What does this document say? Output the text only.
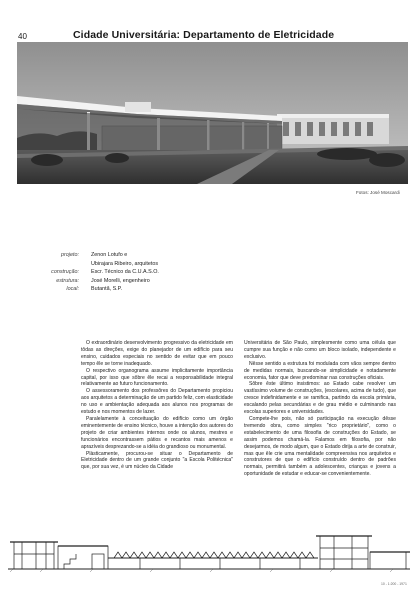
40	Cidade Universitária: Departamento de Eletricidade
Fotos: José Moscardi
projeto:

construção:
estrutura:
local:
Zenon Lotufo e
Ubirajara Ribeiro, arquitetos
Escr. Técnico da C.U.A.S.O.
José Morelli, engenheiro
Butantã, S.P.

O extraordinário desenvolvimento progressivo da eletricidade em tôdas as direções, exige do planejador de um edifício para seu ensino, cuidados especiais no sentido de evitar que em pouco tempo êle se torne inadequado.

O respectivo organograma assume implicitamente importância capital, por isso que sôbre êle recai a responsabilidade integral relativamente ao futuro funcionamento.

O assessoramento dos professôres do Departamento propiciou aos arquitetos a determinação de um partido feliz, com elasticidade no uso e ambientação adequada aos alunos nos programas de estudo e nos momentos de lazer.

Paralelamente à conceituação do edifício como um órgão eminentemente de ensino técnico, houve a intenção dos autores do projeto de criar ambientes internos onde os alunos, mestres e funcionários encontrassem pátios e recantos mais amenos e aprazíveis desprezando-se a idéia do grandioso ou monumental.

Plàsticamente, procurou-se situar o Departamento de Eletricidade dentro de um grande conjunto "a Escola Politécnica" que, por sua vez, é um núcleo da Cidade

Universitária de São Paulo, simplesmente como uma célula que cumpre sua função e não como um bloco isolado, independente e exclusivo.

Nêsse sentido a estrutura foi modulada com vãos sempre dentro de medidas normais, buscando-se simplicidade e notadamente economia, fator que deve predominar nas construções oficiais.

Sôbre êste último insistimos: ao Estado cabe resolver um vastíssimo volume de construções, (escolares, acima de tudo), que cresce indefinidamente e se ramifica, partindo da escola primária, escalando pelas secundárias e de grau médio e culminando nas escolas superiores e universidades.

Compete-lhe pois, não só participação na execução dêsse tremendo obra, como simples "rico proprietário", como o estabelecimento de uma filosofia de construções do Estado, se assim podemos chamá-la. Falamos em filosofia, por não desejarmos, de modo algum, que o Estado dirija a arte de construir, mas que êle crie uma mentalidade compreensiva nos arquitetos e construtores de que o edifício construído dentro de padrões normais, permitirá também a adolescentes, crianças e jovens a oportunidade de estudar e educar-se convenientemente.

10 - 1:200 - 1971
